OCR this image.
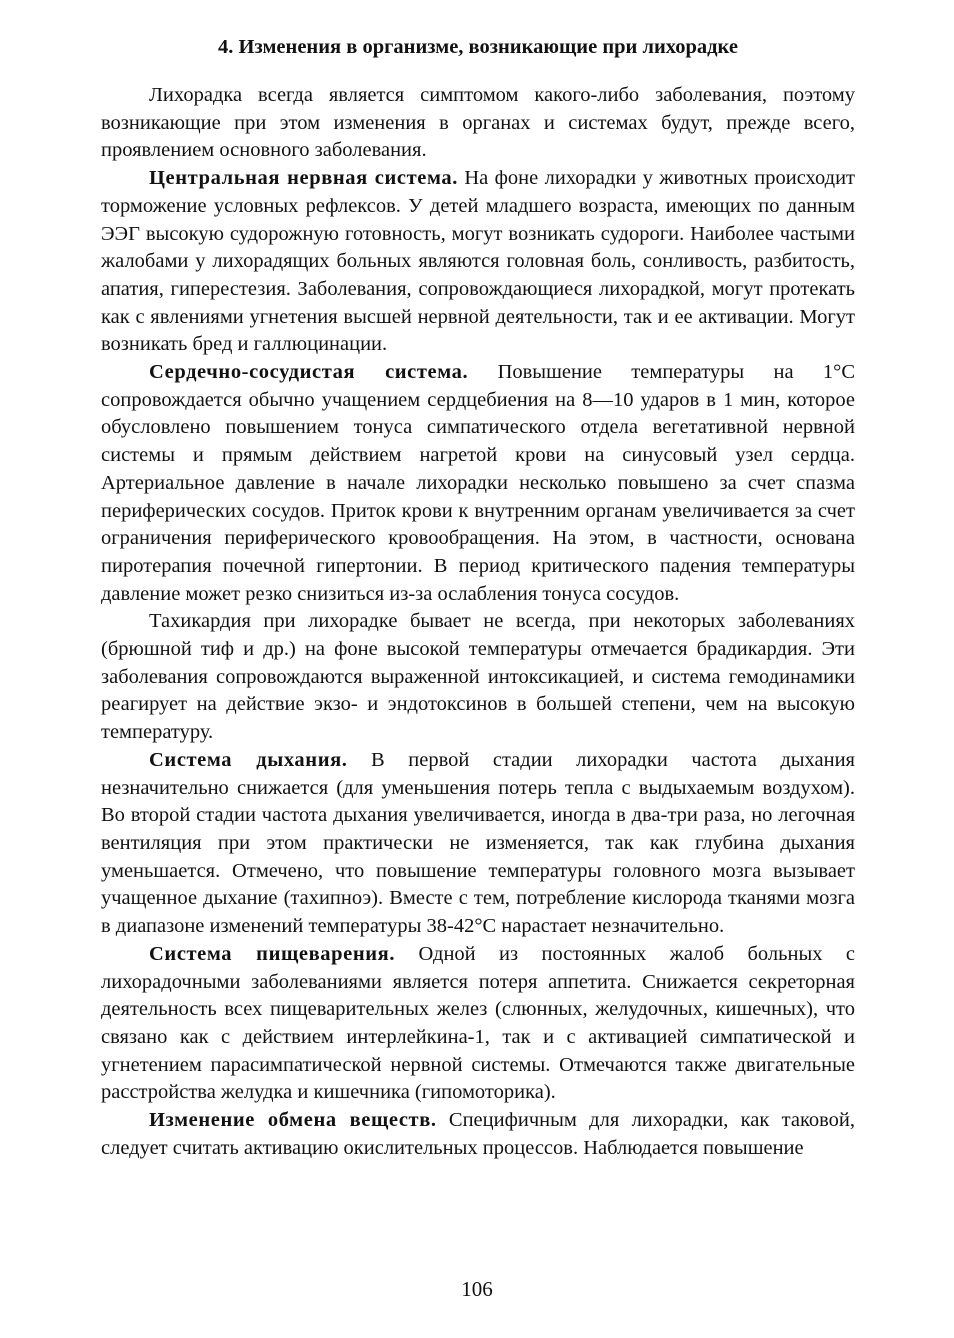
4. Изменения в организме, возникающие при лихорадке

Лихорадка всегда является симптомом какого-либо заболевания, поэтому возникающие при этом изменения в органах и системах будут, прежде всего, проявлением основного заболевания.

Центральная нервная система. На фоне лихорадки у животных происходит торможение условных рефлексов. У детей младшего возраста, имеющих по данным ЭЭГ высокую судорожную готовность, могут возникать судороги. Наиболее частыми жалобами у лихорадящих больных являются головная боль, сонливость, разбитость, апатия, гиперестезия. Заболевания, сопровождающиеся лихорадкой, могут протекать как с явлениями угнетения высшей нервной деятельности, так и ее активации. Могут возникать бред и галлюцинации.

Сердечно-сосудистая система. Повышение температуры на 1°С сопровождается обычно учащением сердцебиения на 8—10 ударов в 1 мин, которое обусловлено повышением тонуса симпатического отдела вегетативной нервной системы и прямым действием нагретой крови на синусовый узел сердца. Артериальное давление в начале лихорадки несколько повышено за счет спазма периферических сосудов. Приток крови к внутренним органам увеличивается за счет ограничения периферического кровообращения. На этом, в частности, основана пиротерапия почечной гипертонии. В период критического падения температуры давление может резко снизиться из-за ослабления тонуса сосудов.

Тахикардия при лихорадке бывает не всегда, при некоторых заболеваниях (брюшной тиф и др.) на фоне высокой температуры отмечается брадикардия. Эти заболевания сопровождаются выраженной интоксикацией, и система гемодинамики реагирует на действие экзо- и эндотоксинов в большей степени, чем на высокую температуру.

Система дыхания. В первой стадии лихорадки частота дыхания незначительно снижается (для уменьшения потерь тепла с выдыхаемым воздухом). Во второй стадии частота дыхания увеличивается, иногда в два-три раза, но легочная вентиляция при этом практически не изменяется, так как глубина дыхания уменьшается. Отмечено, что повышение температуры головного мозга вызывает учащенное дыхание (тахипноэ). Вместе с тем, потребление кислорода тканями мозга в диапазоне изменений температуры 38-42°С нарастает незначительно.

Система пищеварения. Одной из постоянных жалоб больных с лихорадочными заболеваниями является потеря аппетита. Снижается секреторная деятельность всех пищеварительных желез (слюнных, желудочных, кишечных), что связано как с действием интерлейкина-1, так и с активацией симпатической и угнетением парасимпатической нервной системы. Отмечаются также двигательные расстройства желудка и кишечника (гипомоторика).

Изменение обмена веществ. Специфичным для лихорадки, как таковой, следует считать активацию окислительных процессов. Наблюдается повышение

106
